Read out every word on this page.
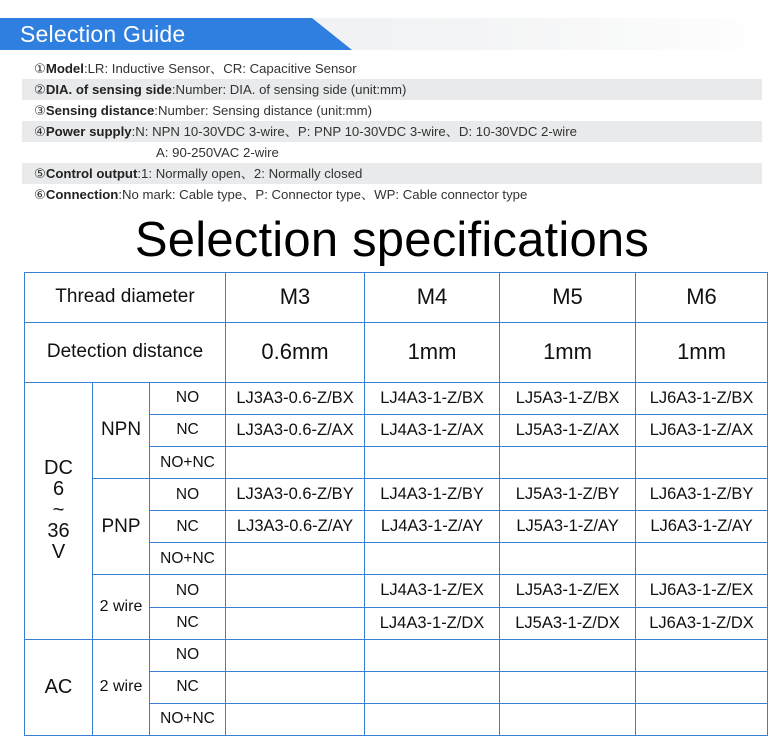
Selection Guide
①Model:LR: Inductive Sensor、CR: Capacitive Sensor
②DIA. of sensing side:Number: DIA. of sensing side (unit:mm)
③Sensing distance:Number: Sensing distance (unit:mm)
④Power supply:N: NPN 10-30VDC 3-wire、P: PNP 10-30VDC 3-wire、D: 10-30VDC 2-wire
A: 90-250VAC 2-wire
⑤Control output:1: Normally open、2: Normally closed
⑥Connection:No mark: Cable type、P: Connector type、WP: Cable connector type
Selection specifications
Thread diameter			M3	M4	M5	M6
Detection distance			0.6mm	1mm	1mm	1mm

DC
6
~
36
V	NPN	NO	LJ3A3-0.6-Z/BX	LJ4A3-1-Z/BX	LJ5A3-1-Z/BX	LJ6A3-1-Z/BX
		NC	LJ3A3-0.6-Z/AX	LJ4A3-1-Z/AX	LJ5A3-1-Z/AX	LJ6A3-1-Z/AX
		NO+NC				
	PNP	NO	LJ3A3-0.6-Z/BY	LJ4A3-1-Z/BY	LJ5A3-1-Z/BY	LJ6A3-1-Z/BY
		NC	LJ3A3-0.6-Z/AY	LJ4A3-1-Z/AY	LJ5A3-1-Z/AY	LJ6A3-1-Z/AY
		NO+NC				
	2 wire	NO		LJ4A3-1-Z/EX	LJ5A3-1-Z/EX	LJ6A3-1-Z/EX
		NC		LJ4A3-1-Z/DX	LJ5A3-1-Z/DX	LJ6A3-1-Z/DX
AC	2 wire	NO				
		NC				
		NO+NC				
